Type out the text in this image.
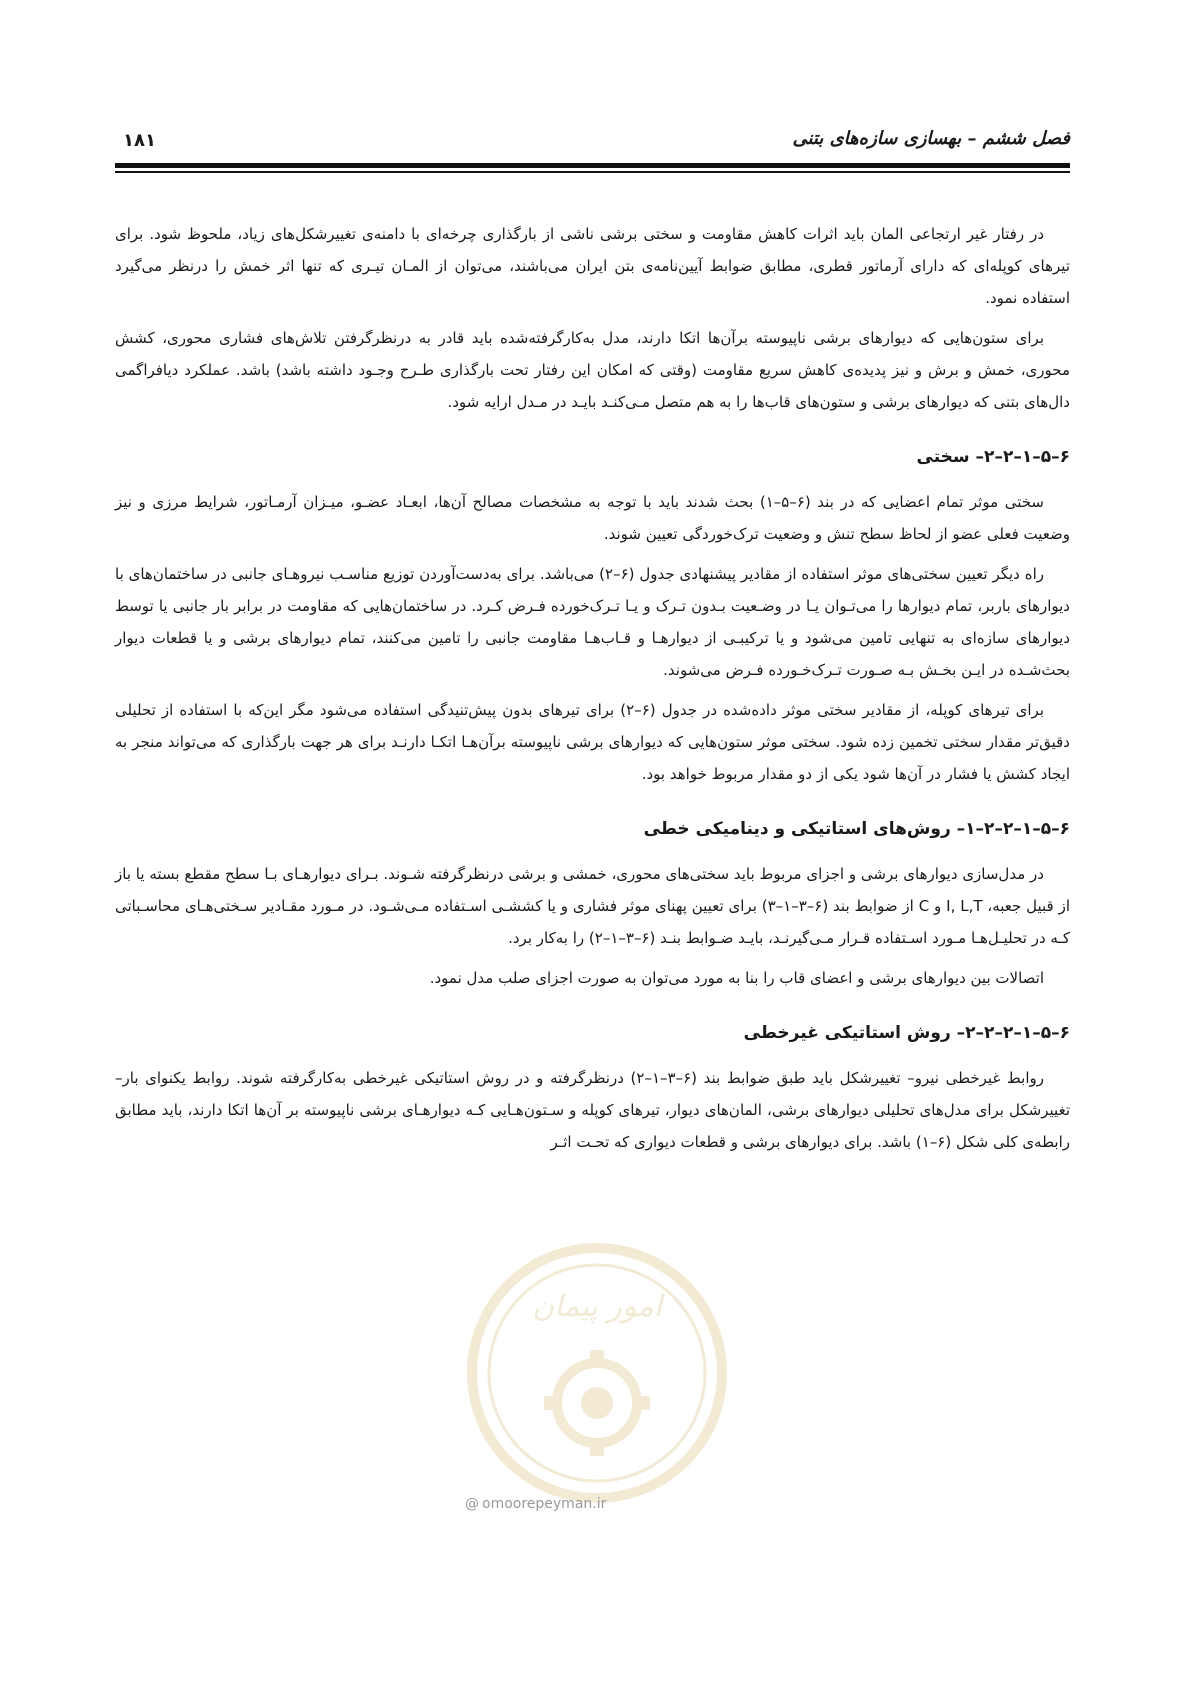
فصل ششم – بهسازی سازه‌های بتنی
۱۸۱

در رفتار غیر ارتجاعی المان باید اثرات کاهش مقاومت و سختی برشی ناشی از بارگذاری چرخه‌ای با دامنه‌ی تغییرشکل‌های زیاد، ملحوظ شود. برای تیرهای کوپله‌ای که دارای آرماتور قطری، مطابق ضوابط آیین‌نامه‌ی بتن ایران می‌باشند، می‌توان از المـان تیـری که تنها اثر خمش را درنظر می‌گیرد استفاده نمود.

برای ستون‌هایی که دیوارهای برشی ناپیوسته برآن‌ها اتکا دارند، مدل به‌کارگرفته‌شده باید قادر به درنظرگرفتن تلاش‌های فشاری محوری، کشش محوری، خمش و برش و نیز پدیده‌ی کاهش سریع مقاومت (وقتی که امکان این رفتار تحت بارگذاری طـرح وجـود داشته باشد) باشد. عملکرد دیافراگمی دال‌های بتنی که دیوارهای برشی و ستون‌های قاب‌ها را به هم متصل مـی‌کنـد بایـد در مـدل ارایه شود.

۶–۵–۱–۲–۲– سختی

سختی موثر تمام اعضایی که در بند (۶–۵–۱) بحث شدند باید با توجه به مشخصات مصالح آن‌ها، ابعـاد عضـو، میـزان آرمـاتور، شرایط مرزی و نیز وضعیت فعلی عضو از لحاظ سطح تنش و وضعیت ترک‌خوردگی تعیین شوند.

راه دیگر تعیین سختی‌های موثر استفاده از مقادیر پیشنهادی جدول (۶–۲) می‌باشد. برای به‌دست‌آوردن توزیع مناسـب نیروهـای جانبی در ساختمان‌های با دیوارهای باربر، تمام دیوارها را می‌تـوان یـا در وضـعیت بـدون تـرک و یـا تـرک‌خورده فـرض کـرد. در ساختمان‌هایی که مقاومت در برابر بار جانبی یا توسط دیوارهای سازه‌ای به تنهایی تامین می‌شود و یا ترکیبـی از دیوارهـا و قـاب‌هـا مقاومت جانبی را تامین می‌کنند، تمام دیوارهای برشی و یا قطعات دیوار بحث‌شـده در ایـن بخـش بـه صـورت تـرک‌خـورده فـرض می‌شوند.

برای تیرهای کوپله، از مقادیر سختی موثر داده‌شده در جدول (۶–۲) برای تیرهای بدون پیش‌تنیدگی استفاده می‌شود مگر این‌که با استفاده از تحلیلی دقیق‌تر مقدار سختی تخمین زده شود. سختی موثر ستون‌هایی که دیوارهای برشی ناپیوسته برآن‌هـا اتکـا دارنـد برای هر جهت بارگذاری که می‌تواند منجر به ایجاد کشش یا فشار در آن‌ها شود یکی از دو مقدار مربوط خواهد بود.

۶–۵–۱–۲–۲–۱– روش‌های استاتیکی و دینامیکی خطی

در مدل‌سازی دیوارهای برشی و اجزای مربوط باید سختی‌های محوری، خمشی و برشی درنظرگرفته شـوند. بـرای دیوارهـای بـا سطح مقطع بسته یا باز از قبیل جعبه، I, L,T و C از ضوابط بند (۶–۳–۱–۳) برای تعیین پهنای موثر فشاری و یا کششـی اسـتفاده مـی‌شـود. در مـورد مقـادیر سـختی‌هـای محاسـباتی کـه در تحلیـل‌هـا مـورد اسـتفاده قـرار مـی‌گیرنـد، بایـد ضـوابط بنـد (۶–۳–۱–۲) را به‌کار برد.

اتصالات بین دیوارهای برشی و اعضای قاب را بنا به مورد می‌توان به صورت اجزای صلب مدل نمود.

۶–۵–۱–۲–۲–۲– روش استاتیکی غیرخطی

روابط غیرخطی نیرو– تغییرشکل باید طبق ضوابط بند (۶–۳–۱–۲) درنظرگرفته و در روش استاتیکی غیرخطی به‌کارگرفته شوند. روابط یکنوای بار– تغییرشکل برای مدل‌های تحلیلی دیوارهای برشی، المان‌های دیوار، تیرهای کوپله و سـتون‌هـایی کـه دیوارهـای برشی ناپیوسته بر آن‌ها اتکا دارند، باید مطابق رابطه‌ی کلی شکل (۶–۱) باشد. برای دیوارهای برشی و قطعات دیواری که تحـت اثـر

امور پیمان
@ omoorepeyman.ir
